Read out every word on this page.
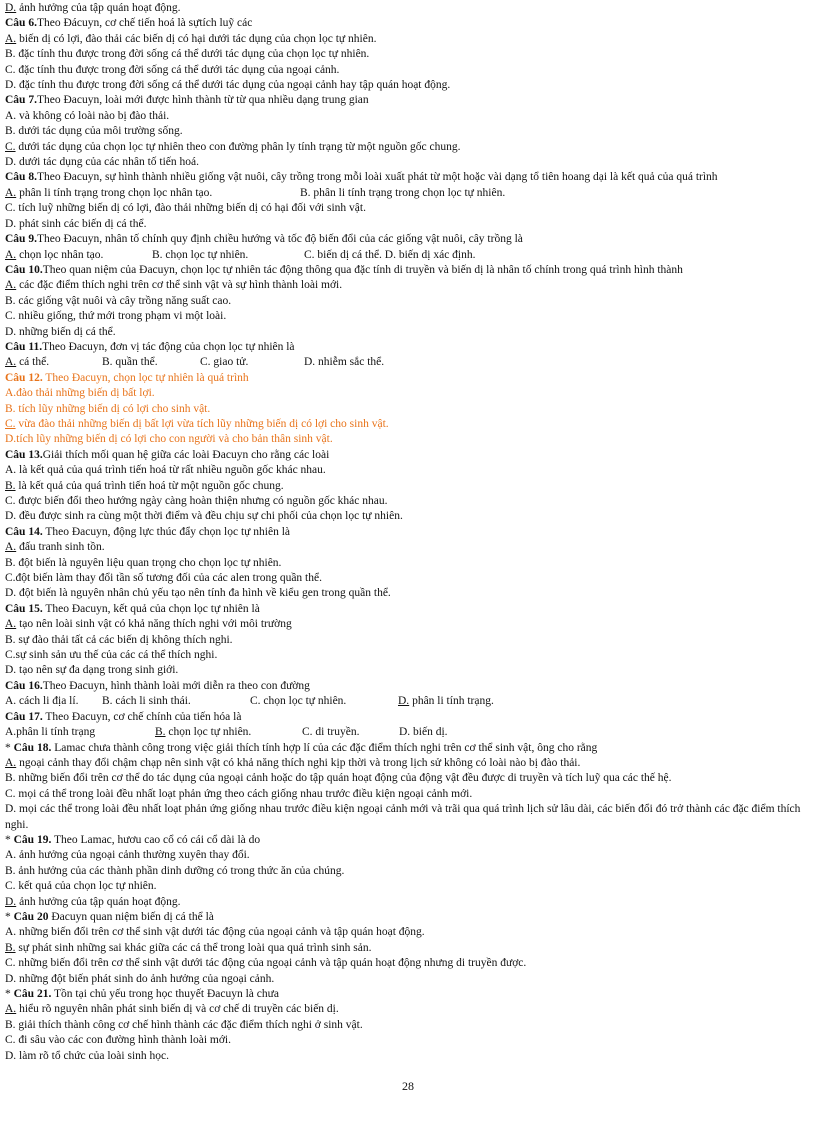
D. ảnh hưởng của tập quán hoạt động.
Câu 6.Theo Đácuyn, cơ chế tiến hoá là sựtích luỹ các
A. biến dị có lợi, đào thải các biến dị có hại dưới tác dụng của chọn lọc tự nhiên.
B. đặc tính thu được trong đời sống cá thể dưới tác dụng của chọn lọc tự nhiên.
C. đặc tính thu được trong đời sống cá thể dưới tác dụng của ngoại cảnh.
D. đặc tính thu được trong đời sống cá thể dưới tác dụng của ngoại cảnh hay tập quán hoạt động.
Câu 7.Theo Đacuyn, loài mới được hình thành từ từ qua nhiều dạng trung gian
A. và không có loài nào bị đào thải.
B. dưới tác dụng của môi trường sống.
C. dưới tác dụng của chọn lọc tự nhiên theo con đường phân ly tính trạng từ một nguồn gốc chung.
D. dưới tác dụng của các nhân tố tiến hoá.
Câu 8.Theo Đacuyn, sự hình thành nhiều giống vật nuôi, cây trồng trong mỗi loài xuất phát từ một hoặc vài dạng tổ tiên hoang dại là kết quả của quá trình
A. phân li tính trạng trong chọn lọc nhân tạo.	B. phân li tính trạng trong chọn lọc tự nhiên.
C. tích luỹ những biến dị có lợi, đào thải những biến dị có hại đối với sinh vật.
D. phát sinh các biến dị cá thể.
Câu 9.Theo Đacuyn, nhân tố chính quy định chiều hướng và tốc độ biến đổi của các giống vật nuôi, cây trồng là
A. chọn lọc nhân tạo.	B. chọn lọc tự nhiên.	C. biến dị cá thể. D. biến dị xác định.
Câu 10.Theo quan niệm của Đacuyn, chọn lọc tự nhiên tác động thông qua đặc tính di truyền và biến dị là nhân tố chính trong quá trình hình thành
A. các đặc điểm thích nghi trên cơ thể sinh vật và sự hình thành loài mới.
B. các giống vật nuôi và cây trồng năng suất cao.
C. nhiều giống, thứ mới trong phạm vi một loài.
D. những biến dị cá thể.
Câu 11.Theo Đacuyn, đơn vị tác động của chọn lọc tự nhiên là
A. cá thể.	B. quần thể.	C. giao tử.	D. nhiễm sắc thể.
Câu 12. Theo Đacuyn, chọn lọc tự nhiên là quá trình
A.đào thải những biến dị bất lợi.
B. tích lũy những biến dị có lợi cho sinh vật.
C. vừa đào thải những biến dị bất lợi vừa tích lũy những biến dị có lợi cho sinh vật.
D.tích lũy những biến dị có lợi cho con người và cho bản thân sinh vật.
Câu 13.Giải thích mối quan hệ giữa các loài Đacuyn cho rằng các loài
A. là kết quả của quá trình tiến hoá từ rất nhiều nguồn gốc khác nhau.
B. là kết quả của quá trình tiến hoá từ một nguồn gốc chung.
C. được biến đổi theo hướng ngày càng hoàn thiện nhưng có nguồn gốc khác nhau.
D. đều được sinh ra cùng một thời điểm và đều chịu sự chi phối của chọn lọc tự nhiên.
Câu 14. Theo Đacuyn, động lực thúc đẩy chọn lọc tự nhiên là
A. đấu tranh sinh tồn.
B. đột biến là nguyên liệu quan trọng cho chọn lọc tự nhiên.
C.đột biến làm thay đổi tần số tương đối của các alen trong quần thể.
D. đột biến là nguyên nhân chủ yếu tạo nên tính đa hình về kiểu gen trong quần thể.
Câu 15. Theo Đacuyn, kết quả của chọn lọc tự nhiên là
A. tạo nên loài sinh vật có khả năng thích nghi với môi trường
B. sự đào thải tất cả các biến dị không thích nghi.
C.sự sinh sản ưu thế của các cá thể thích nghi.
D. tạo nên sự đa dạng trong sinh giới.
Câu 16.Theo Đacuyn, hình thành loài mới diễn ra theo con đường
A. cách li địa lí.	B. cách li sinh thái.	C. chọn lọc tự nhiên.	D. phân li tính trạng.
Câu 17. Theo Đacuyn, cơ chế chính của tiến hóa là
A.phân li tính trạng	B. chọn lọc tự nhiên.	C. di truyền.	D. biến dị.
* Câu 18. Lamac chưa thành công trong việc giải thích tính hợp lí của các đặc điểm thích nghi trên cơ thể sinh vật, ông cho rằng
A. ngoại cảnh thay đổi chậm chạp nên sinh vật có khả năng thích nghi kịp thời và trong lịch sử không có loài nào bị đào thải.
B. những biến đổi trên cơ thể do tác dụng của ngoại cảnh hoặc do tập quán hoạt động của động vật đều được di truyền và tích luỹ qua các thế hệ.
C. mọi cá thể trong loài đều nhất loạt phản ứng theo cách giống nhau trước điều kiện ngoại cảnh mới.
D. mọi các thể trong loài đều nhất loạt phản ứng giống nhau trước điều kiện ngoại cảnh mới và trãi qua quá trình lịch sử lâu dài, các biến đổi đó trở thành các đặc điểm thích nghi.
* Câu 19. Theo Lamac, hươu cao cổ có cái cổ dài là do
A. ảnh hưởng của ngoại cảnh thường xuyên thay đổi.
B. ảnh hưởng của các thành phần dinh dưỡng có trong thức ăn của chúng.
C. kết quả của chọn lọc tự nhiên.
D. ảnh hưởng của tập quán hoạt động.
* Câu 20 Đacuyn quan niệm biến dị cá thể là
A. những biến đổi trên cơ thể sinh vật dưới tác động của ngoại cảnh và tập quán hoạt động.
B. sự phát sinh những sai khác giữa các cá thể trong loài qua quá trình sinh sản.
C. những biến đổi trên cơ thể sinh vật dưới tác động của ngoại cảnh và tập quán hoạt động nhưng di truyền được.
D. những đột biến phát sinh do ảnh hưởng của ngoại cảnh.
* Câu 21. Tồn tại chủ yếu trong học thuyết Đacuyn là chưa
A. hiểu rõ nguyên nhân phát sinh biến dị và cơ chế di truyền các biến dị.
B. giải thích thành công cơ chế hình thành các đặc điểm thích nghi ở sinh vật.
C. đi sâu vào các con đường hình thành loài mới.
D. làm rõ tổ chức của loài sinh học.
28
